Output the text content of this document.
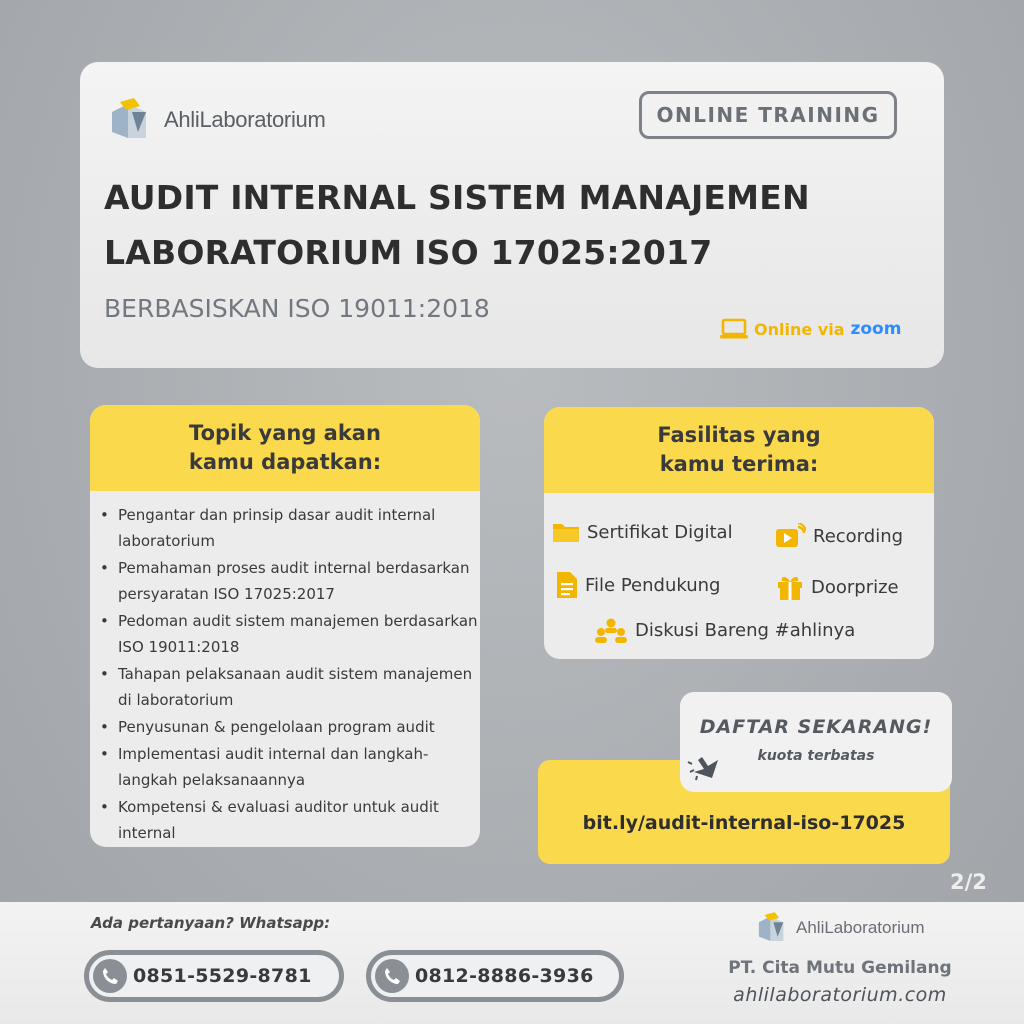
AhliLaboratorium	ONLINE TRAINING
AUDIT INTERNAL SISTEM MANAJEMEN
LABORATORIUM ISO 17025:2017
BERBASISKAN ISO 19011:2018
Online via zoom
Topik yang akan
kamu dapatkan:
• Pengantar dan prinsip dasar audit internal laboratorium
• Pemahaman proses audit internal berdasarkan persyaratan ISO 17025:2017
• Pedoman audit sistem manajemen berdasarkan ISO 19011:2018
• Tahapan pelaksanaan audit sistem manajemen di laboratorium
• Penyusunan & pengelolaan program audit
• Implementasi audit internal dan langkah-langkah pelaksanaannya
• Kompetensi & evaluasi auditor untuk audit internal
Fasilitas yang
kamu terima:
Sertifikat Digital	Recording
File Pendukung	Doorprize
Diskusi Bareng #ahlinya
bit.ly/audit-internal-iso-17025
DAFTAR SEKARANG!
kuota terbatas
2/2
Ada pertanyaan? Whatsapp:
0851-5529-8781	0812-8886-3936
AhliLaboratorium
PT. Cita Mutu Gemilang
ahlilaboratorium.com
